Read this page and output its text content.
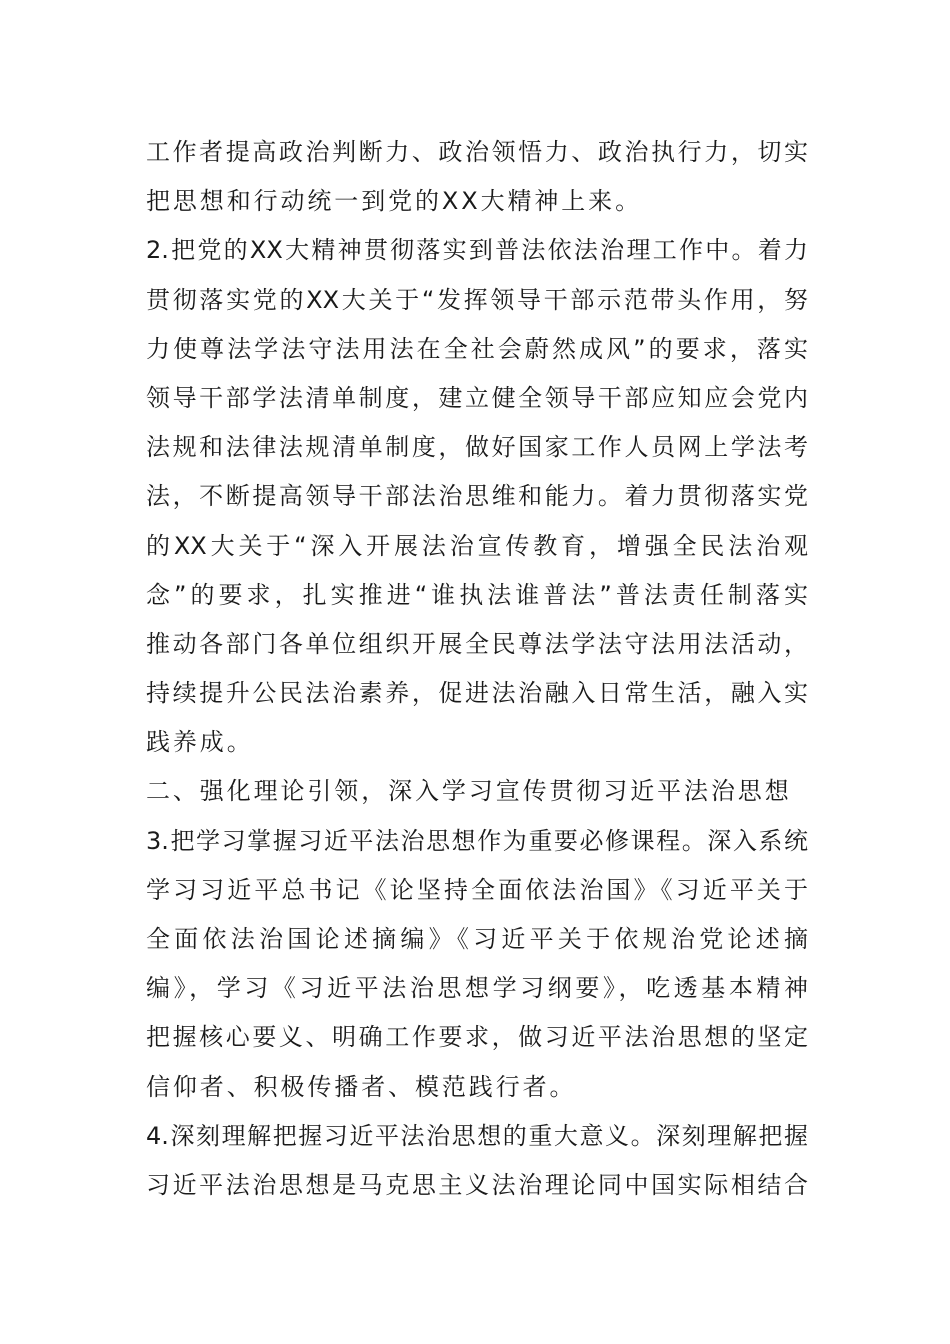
工作者提高政治判断力、政治领悟力、政治执行力，切实
把思想和行动统一到党的XX大精神上来。
2.把党的XX大精神贯彻落实到普法依法治理工作中。着力
贯彻落实党的XX大关于“发挥领导干部示范带头作用，努
力使尊法学法守法用法在全社会蔚然成风”的要求，落实
领导干部学法清单制度，建立健全领导干部应知应会党内
法规和法律法规清单制度，做好国家工作人员网上学法考
法，不断提高领导干部法治思维和能力。着力贯彻落实党
的XX大关于“深入开展法治宣传教育，增强全民法治观
念”的要求，扎实推进“谁执法谁普法”普法责任制落实
推动各部门各单位组织开展全民尊法学法守法用法活动，
持续提升公民法治素养，促进法治融入日常生活，融入实
践养成。
二、强化理论引领，深入学习宣传贯彻习近平法治思想
3.把学习掌握习近平法治思想作为重要必修课程。深入系统
学习习近平总书记《论坚持全面依法治国》《习近平关于
全面依法治国论述摘编》《习近平关于依规治党论述摘
编》，学习《习近平法治思想学习纲要》，吃透基本精神
把握核心要义、明确工作要求，做习近平法治思想的坚定
信仰者、积极传播者、模范践行者。
4.深刻理解把握习近平法治思想的重大意义。深刻理解把握
习近平法治思想是马克思主义法治理论同中国实际相结合
